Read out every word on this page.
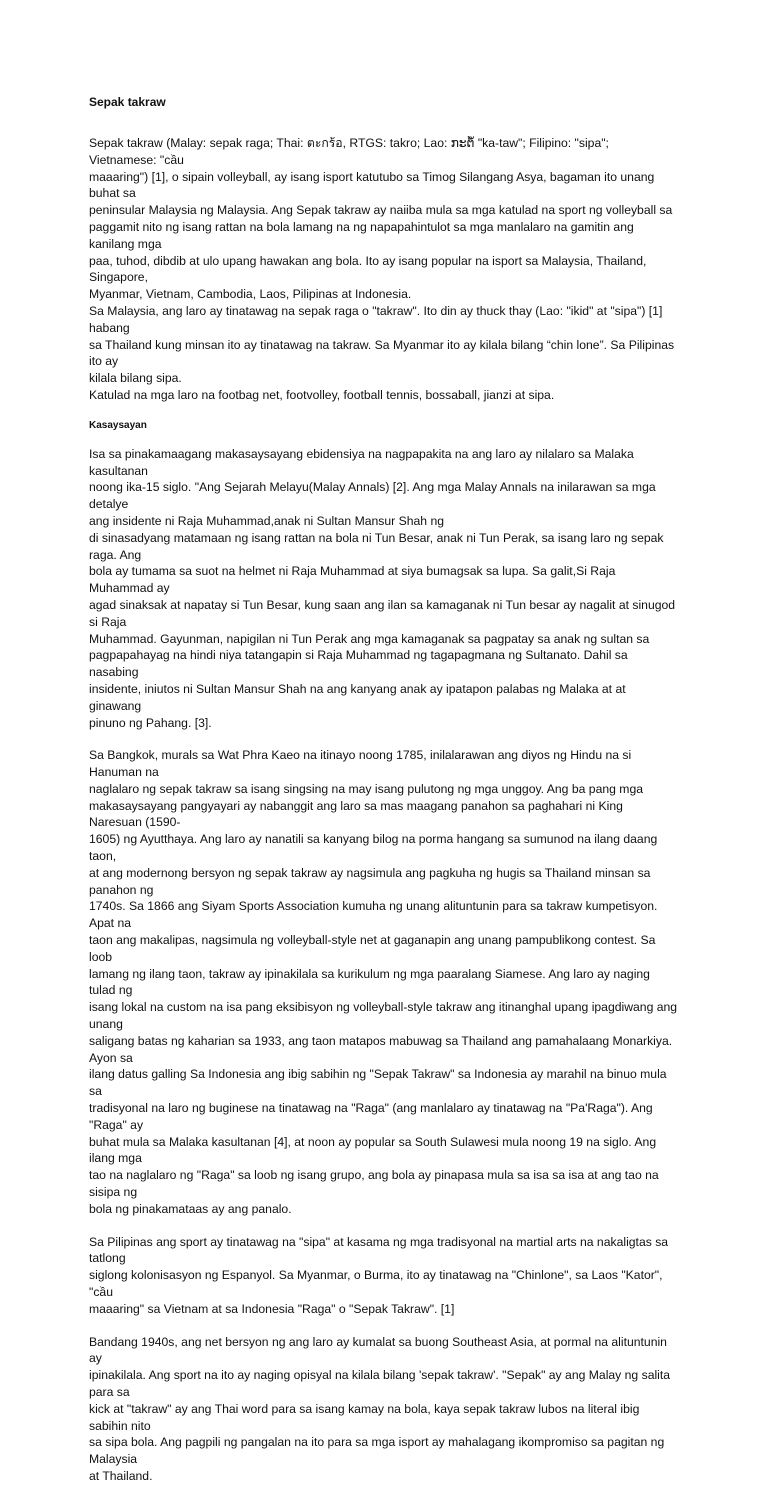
Sepak takraw

Sepak takraw (Malay: sepak raga; Thai: ตะกร้อ, RTGS: takro; Lao: ກະຕໍ້ "ka-taw"; Filipino: "sipa"; Vietnamese: "cầu
maaaring") [1], o sipain volleyball, ay isang isport katutubo sa Timog Silangang Asya, bagaman ito unang buhat sa
peninsular Malaysia ng Malaysia. Ang Sepak takraw ay naiiba mula sa mga katulad na sport ng volleyball sa
paggamit nito ng isang rattan na bola lamang na ng napapahintulot sa mga manlalaro na gamitin ang kanilang mga
paa, tuhod, dibdib at ulo upang hawakan ang bola. Ito ay isang popular na isport sa Malaysia, Thailand, Singapore,
Myanmar, Vietnam, Cambodia, Laos, Pilipinas at Indonesia.

Sa Malaysia, ang laro ay tinatawag na sepak raga o "takraw". Ito din ay thuck thay (Lao: "ikid" at "sipa") [1] habang
sa Thailand kung minsan ito ay tinatawag na takraw. Sa Myanmar ito ay kilala bilang “chin lone”. Sa Pilipinas ito ay
kilala bilang sipa.

Katulad na mga laro na footbag net, footvolley, football tennis, bossaball, jianzi at sipa.

Kasaysayan

Isa sa pinakamaagang makasaysayang ebidensiya na nagpapakita na ang laro ay nilalaro sa Malaka kasultanan
noong ika-15 siglo. "Ang Sejarah Melayu(Malay Annals) [2]. Ang mga Malay Annals na inilarawan sa mga detalye
ang insidente ni Raja Muhammad,anak ni Sultan Mansur Shah ng
di sinasadyang matamaan ng isang rattan na bola ni Tun Besar, anak ni Tun Perak, sa isang laro ng sepak raga. Ang
bola ay tumama sa suot na helmet ni Raja Muhammad at siya bumagsak sa lupa. Sa galit,Si Raja Muhammad ay
agad sinaksak at napatay si Tun Besar, kung saan ang ilan sa kamaganak ni Tun besar ay nagalit at sinugod si Raja
Muhammad. Gayunman, napigilan ni Tun Perak ang mga kamaganak sa pagpatay sa anak ng sultan sa
pagpapahayag na hindi niya tatangapin si Raja Muhammad ng tagapagmana ng Sultanato. Dahil sa nasabing
insidente, iniutos ni Sultan Mansur Shah na ang kanyang anak ay ipatapon palabas ng Malaka at at ginawang
pinuno ng Pahang. [3].

Sa Bangkok, murals sa Wat Phra Kaeo na itinayo noong 1785, inilalarawan ang diyos ng Hindu na si Hanuman na
naglalaro ng sepak takraw sa isang singsing na may isang pulutong ng mga unggoy. Ang ba pang mga
makasaysayang pangyayari ay nabanggit ang laro sa mas maagang panahon sa paghahari ni King Naresuan (1590-
1605) ng Ayutthaya. Ang laro ay nanatili sa kanyang bilog na porma hangang sa sumunod na ilang daang taon,
at ang modernong bersyon ng sepak takraw ay nagsimula ang pagkuha ng hugis sa Thailand minsan sa panahon ng
1740s. Sa 1866 ang Siyam Sports Association kumuha ng unang alituntunin para sa takraw kumpetisyon. Apat na
taon ang makalipas, nagsimula ng volleyball-style net at gaganapin ang unang pampublikong contest. Sa loob
lamang ng ilang taon, takraw ay ipinakilala sa kurikulum ng mga paaralang Siamese. Ang laro ay naging tulad ng
isang lokal na custom na isa pang eksibisyon ng volleyball-style takraw ang itinanghal upang ipagdiwang ang unang
saligang batas ng kaharian sa 1933, ang taon matapos mabuwag sa Thailand ang pamahalaang Monarkiya. Ayon sa
ilang datus galling Sa Indonesia ang ibig sabihin ng "Sepak Takraw" sa Indonesia ay marahil na binuo mula sa
tradisyonal na laro ng buginese na tinatawag na "Raga" (ang manlalaro ay tinatawag na "Pa'Raga"). Ang "Raga" ay
buhat mula sa Malaka kasultanan [4], at noon ay popular sa South Sulawesi mula noong 19 na siglo. Ang ilang mga
tao na naglalaro ng "Raga" sa loob ng isang grupo, ang bola ay pinapasa mula sa isa sa isa at ang tao na sisipa ng
bola ng pinakamataas ay ang panalo.

Sa Pilipinas ang sport ay tinatawag na "sipa" at kasama ng mga tradisyonal na martial arts na nakaligtas sa tatlong
siglong kolonisasyon ng Espanyol. Sa Myanmar, o Burma, ito ay tinatawag na "Chinlone", sa Laos "Kator", "cầu
maaaring" sa Vietnam at sa Indonesia "Raga" o "Sepak Takraw". [1]

Bandang 1940s, ang net bersyon ng ang laro ay kumalat sa buong Southeast Asia, at pormal na alituntunin ay
ipinakilala. Ang sport na ito ay naging opisyal na kilala bilang 'sepak takraw'. "Sepak" ay ang Malay ng salita para sa
kick at "takraw" ay ang Thai word para sa isang kamay na bola, kaya sepak takraw lubos na literal ibig sabihin nito
sa sipa bola. Ang pagpili ng pangalan na ito para sa mga isport ay mahalagang ikompromiso sa pagitan ng Malaysia
at Thailand.
